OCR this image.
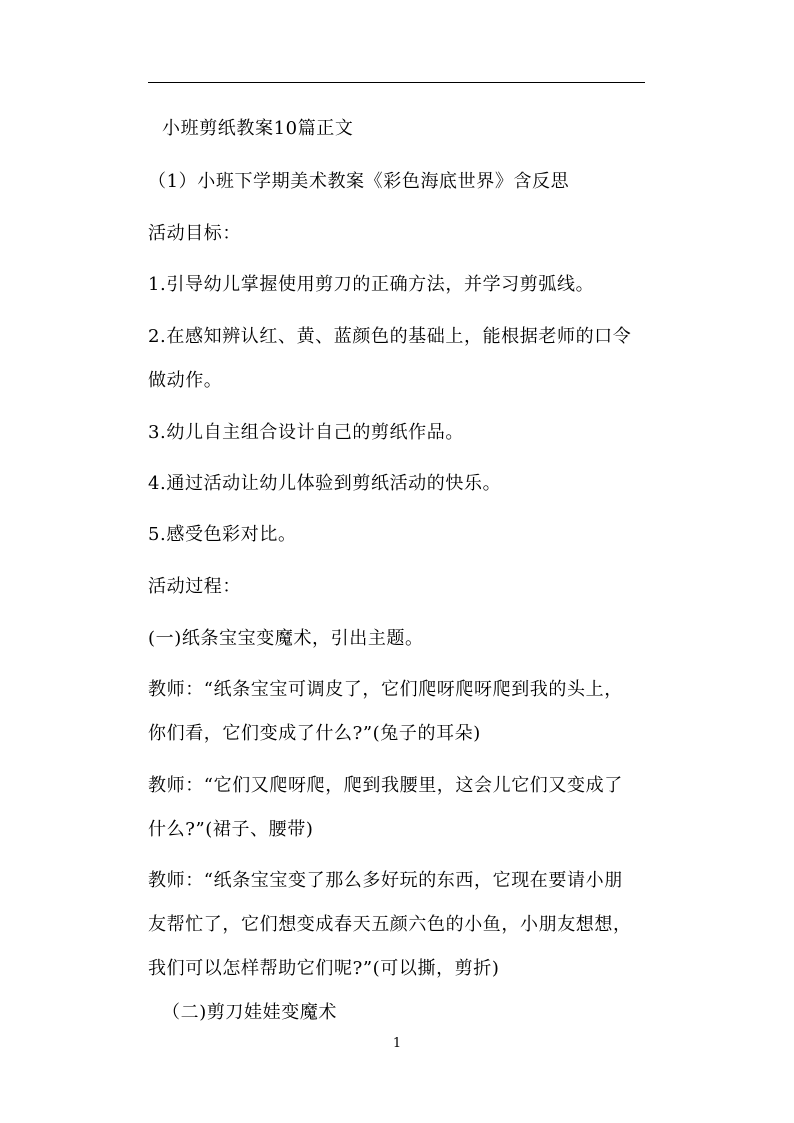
小班剪纸教案10篇正文
（1）小班下学期美术教案《彩色海底世界》含反思
活动目标：
1.引导幼儿掌握使用剪刀的正确方法，并学习剪弧线。
2.在感知辨认红、黄、蓝颜色的基础上，能根据老师的口令
做动作。
3.幼儿自主组合设计自己的剪纸作品。
4.通过活动让幼儿体验到剪纸活动的快乐。
5.感受色彩对比。
活动过程：
(一)纸条宝宝变魔术，引出主题。
教师：“纸条宝宝可调皮了，它们爬呀爬呀爬到我的头上，
你们看，它们变成了什么?”(兔子的耳朵)
教师：“它们又爬呀爬，爬到我腰里，这会儿它们又变成了
什么?”(裙子、腰带)
教师：“纸条宝宝变了那么多好玩的东西，它现在要请小朋
友帮忙了，它们想变成春天五颜六色的小鱼，小朋友想想，
我们可以怎样帮助它们呢?”(可以撕，剪折)
（二)剪刀娃娃变魔术
1
